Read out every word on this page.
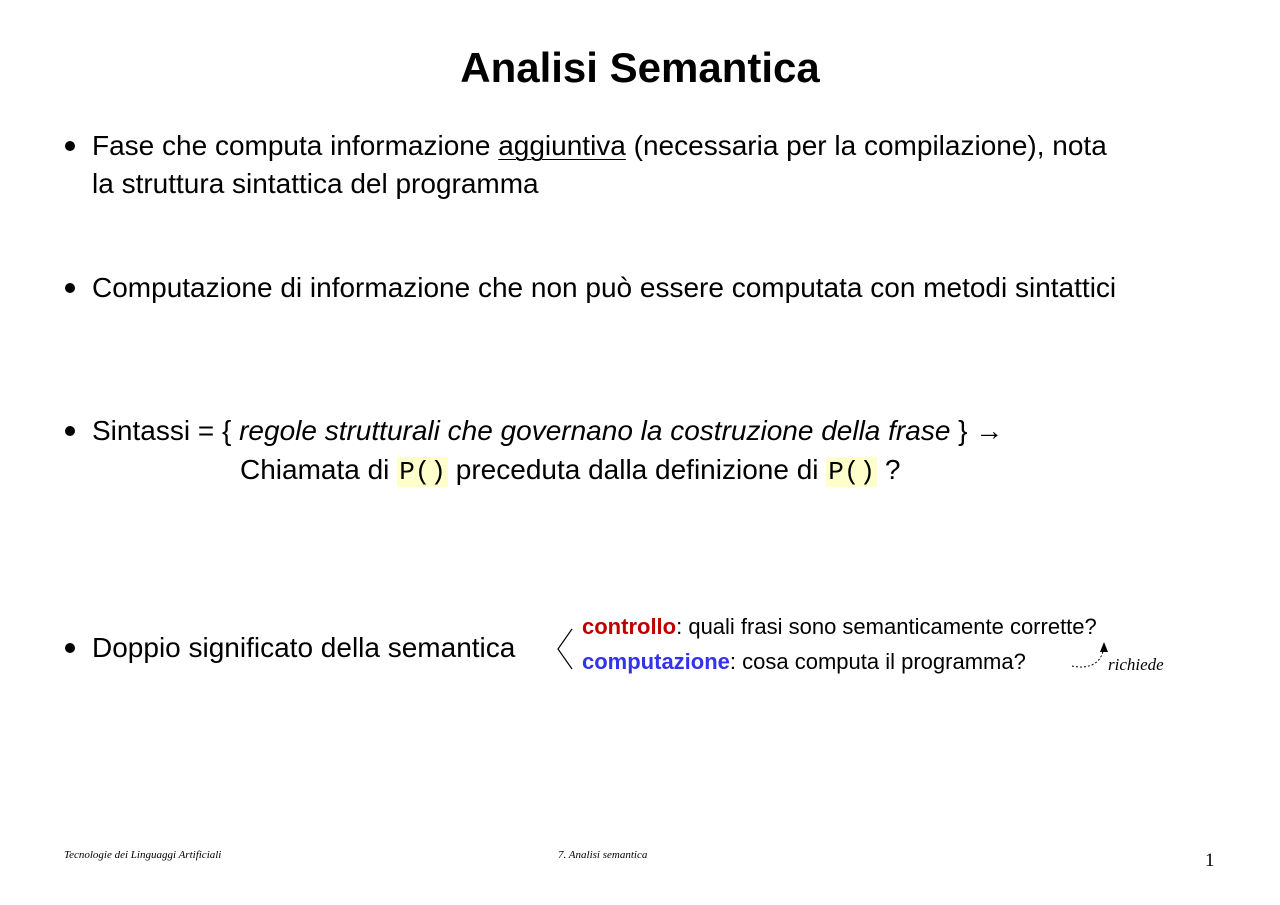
Analisi Semantica
Fase che computa informazione aggiuntiva (necessaria per la compilazione), nota
la struttura sintattica del programma
Computazione di informazione che non può essere computata con metodi sintattici
Sintassi = { regole strutturali che governano la costruzione della frase } →
Chiamata di P() preceduta dalla definizione di P() ?
Doppio significato della semantica
controllo: quali frasi sono semanticamente corrette?
computazione: cosa computa il programma?	richiede
Tecnologie dei Linguaggi Artificiali	7. Analisi semantica	1
